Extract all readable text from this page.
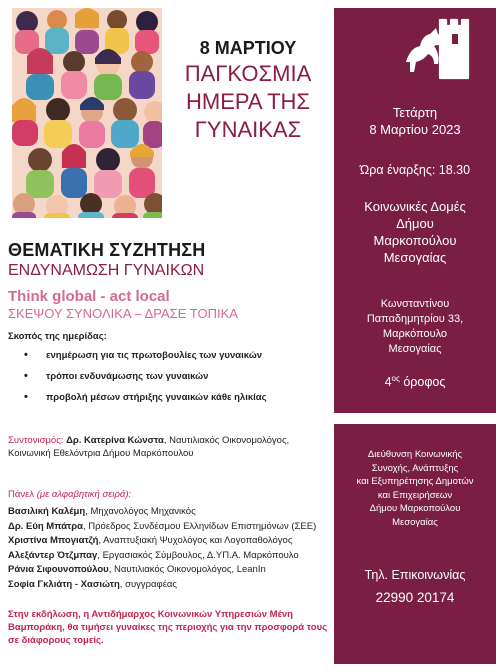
8 ΜΑΡΤΙΟΥ
ΠΑΓΚΟΣΜΙΑ
ΗΜΕΡΑ ΤΗΣ
ΓΥΝΑΙΚΑΣ
ΘΕΜΑΤΙΚΗ ΣΥΖΗΤΗΣΗ
ΕΝΔΥΝΑΜΩΣΗ ΓΥΝΑΙΚΩΝ
Think global - act local
ΣΚΕΨΟΥ ΣΥΝΟΛΙΚΑ – ΔΡΑΣΕ ΤΟΠΙΚΑ
Σκοπός της ημερίδας:
• ενημέρωση για τις πρωτοβουλίες των γυναικών
• τρόποι ενδυνάμωσης των γυναικών
• προβολή μέσων στήριξης γυναικών κάθε ηλικίας
Συντονισμός: Δρ. Κατερίνα Κώνστα, Ναυτιλιακός Οικονομολόγος,
Κοινωνική Εθελόντρια Δήμου Μαρκόπουλου
Πάνελ (με αλφαβητική σειρά):
Βασιλική Καλέμη, Μηχανολόγος Μηχανικός
Δρ. Εύη Μπάτρα, Πρόεδρος Συνδέσμου Ελληνίδων Επιστημόνων (ΣΕΕ)
Χριστίνα Μπογιατζή, Αναπτυξιακή Ψυχολόγος και Λογοπαθολόγος
Αλεξάντερ Ότζμπαγ, Εργασιακός Σύμβουλος, Δ.ΥΠ.Α. Μαρκόπουλο
Ράνια Σιφουνοπούλου, Ναυτιλιακός Οικονομολόγος, LeanIn
Σοφία Γκλιάτη - Χασιώτη, συγγραφέας
Στην εκδήλωση, η Αντιδήμαρχος Κοινωνικών Υπηρεσιών Μένη Βαμποράκη, θα τιμήσει γυναίκες της περιοχής για την προσφορά τους σε διάφορους τομείς.
Τετάρτη
8 Μαρτίου 2023
Ώρα έναρξης: 18.30
Κοινωνικές Δομές
Δήμου
Μαρκοπούλου
Μεσογαίας
Κωνσταντίνου
Παπαδημητρίου 33,
Μαρκόπουλο
Μεσογαίας
$4^{o\varsigma}$ όροφος
Διεύθυνση Κοινωνικής
Συνοχής, Ανάπτυξης
και Εξυπηρέτησης Δημοτών
και Επιχειρήσεων
Δήμου Μαρκοπούλου
Μεσογαίας
Τηλ. Επικοινωνίας
22990 20174
